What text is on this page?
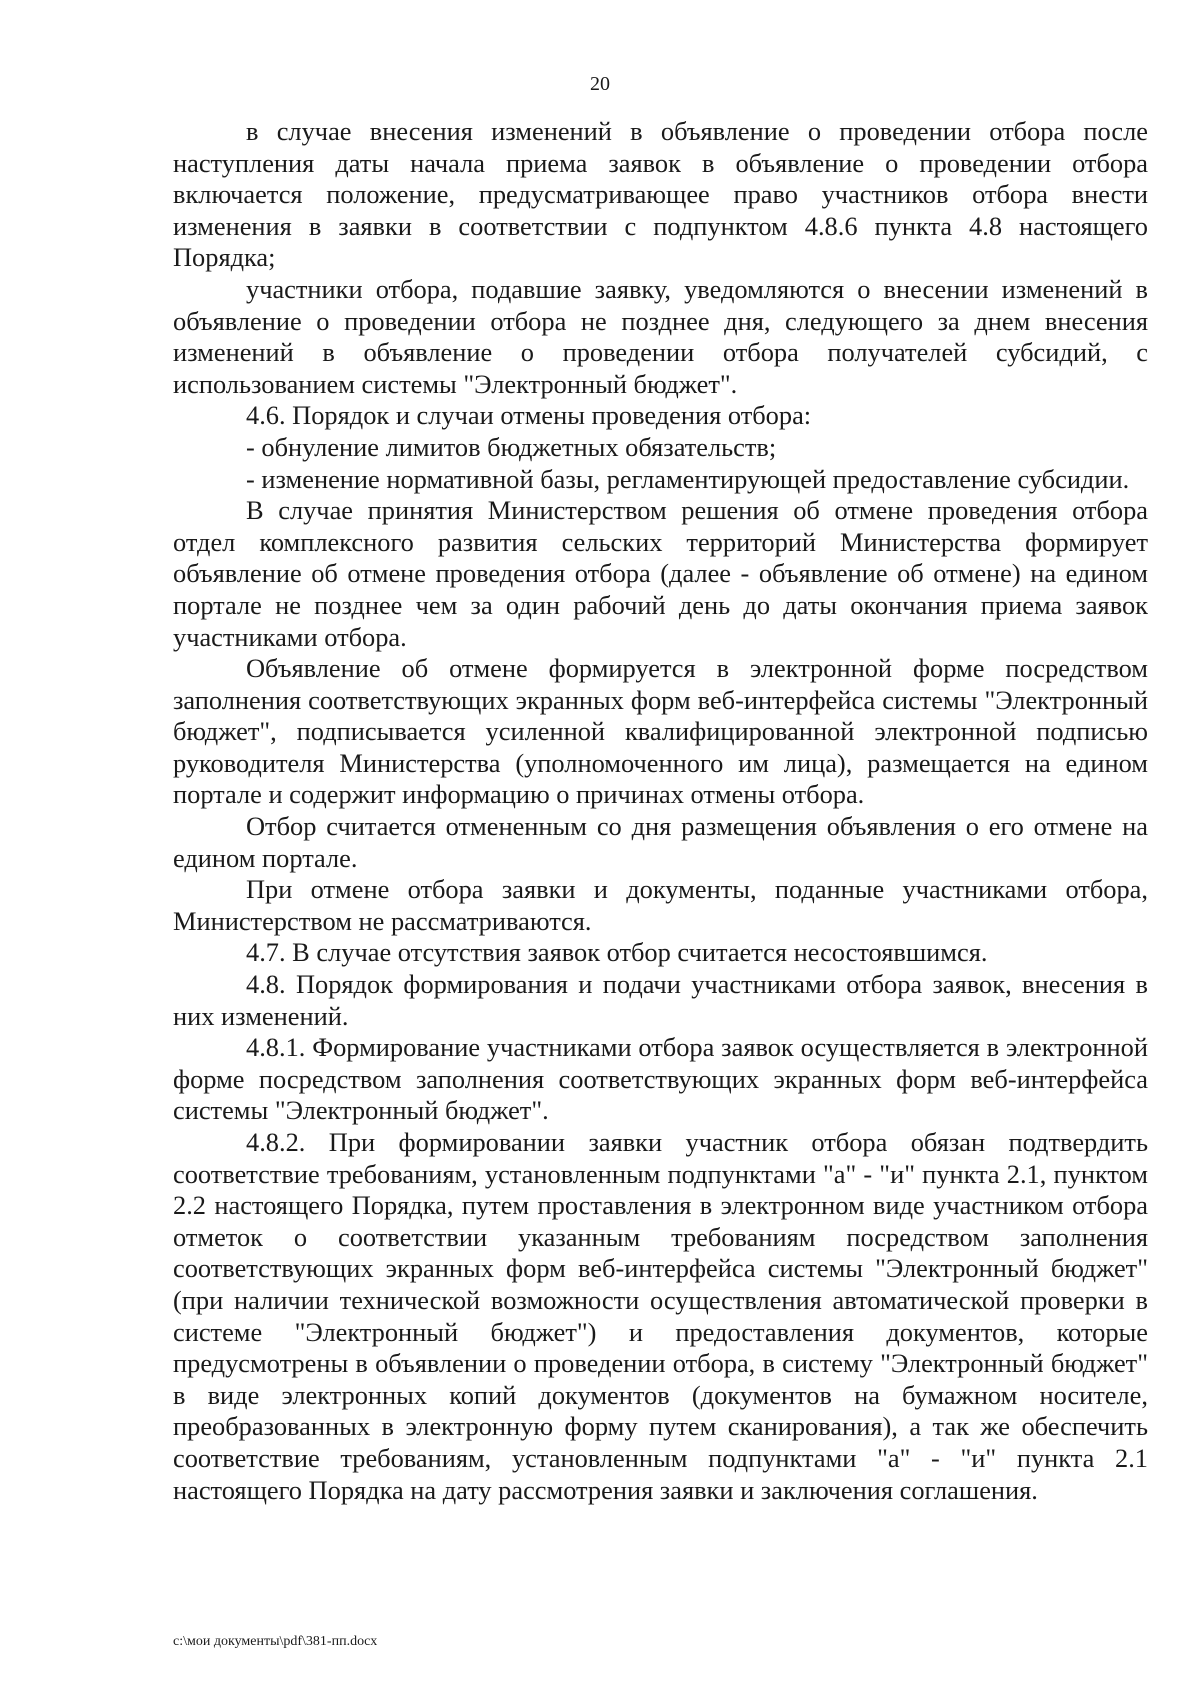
20

в случае внесения изменений в объявление о проведении отбора после наступления даты начала приема заявок в объявление о проведении отбора включается положение, предусматривающее право участников отбора внести изменения в заявки в соответствии с подпунктом 4.8.6 пункта 4.8 настоящего Порядка;

участники отбора, подавшие заявку, уведомляются о внесении изменений в объявление о проведении отбора не позднее дня, следующего за днем внесения изменений в объявление о проведении отбора получателей субсидий, с использованием системы "Электронный бюджет".

4.6. Порядок и случаи отмены проведения отбора:

- обнуление лимитов бюджетных обязательств;

- изменение нормативной базы, регламентирующей предоставление субсидии.

В случае принятия Министерством решения об отмене проведения отбора отдел комплексного развития сельских территорий Министерства формирует объявление об отмене проведения отбора (далее - объявление об отмене) на едином портале не позднее чем за один рабочий день до даты окончания приема заявок участниками отбора.

Объявление об отмене формируется в электронной форме посредством заполнения соответствующих экранных форм веб-интерфейса системы "Электронный бюджет", подписывается усиленной квалифицированной электронной подписью руководителя Министерства (уполномоченного им лица), размещается на едином портале и содержит информацию о причинах отмены отбора.

Отбор считается отмененным со дня размещения объявления о его отмене на едином портале.

При отмене отбора заявки и документы, поданные участниками отбора, Министерством не рассматриваются.

4.7. В случае отсутствия заявок отбор считается несостоявшимся.

4.8. Порядок формирования и подачи участниками отбора заявок, внесения в них изменений.

4.8.1. Формирование участниками отбора заявок осуществляется в электронной форме посредством заполнения соответствующих экранных форм веб-интерфейса системы "Электронный бюджет".

4.8.2. При формировании заявки участник отбора обязан подтвердить соответствие требованиям, установленным подпунктами "а" - "и" пункта 2.1, пунктом 2.2 настоящего Порядка, путем проставления в электронном виде участником отбора отметок о соответствии указанным требованиям посредством заполнения соответствующих экранных форм веб-интерфейса системы "Электронный бюджет" (при наличии технической возможности осуществления автоматической проверки в системе "Электронный бюджет") и предоставления документов, которые предусмотрены в объявлении о проведении отбора, в систему "Электронный бюджет" в виде электронных копий документов (документов на бумажном носителе, преобразованных в электронную форму путем сканирования), а так же обеспечить соответствие требованиям, установленным подпунктами "а" - "и" пункта 2.1 настоящего Порядка на дату рассмотрения заявки и заключения соглашения.

c:\мои документы\pdf\381-пп.docx
